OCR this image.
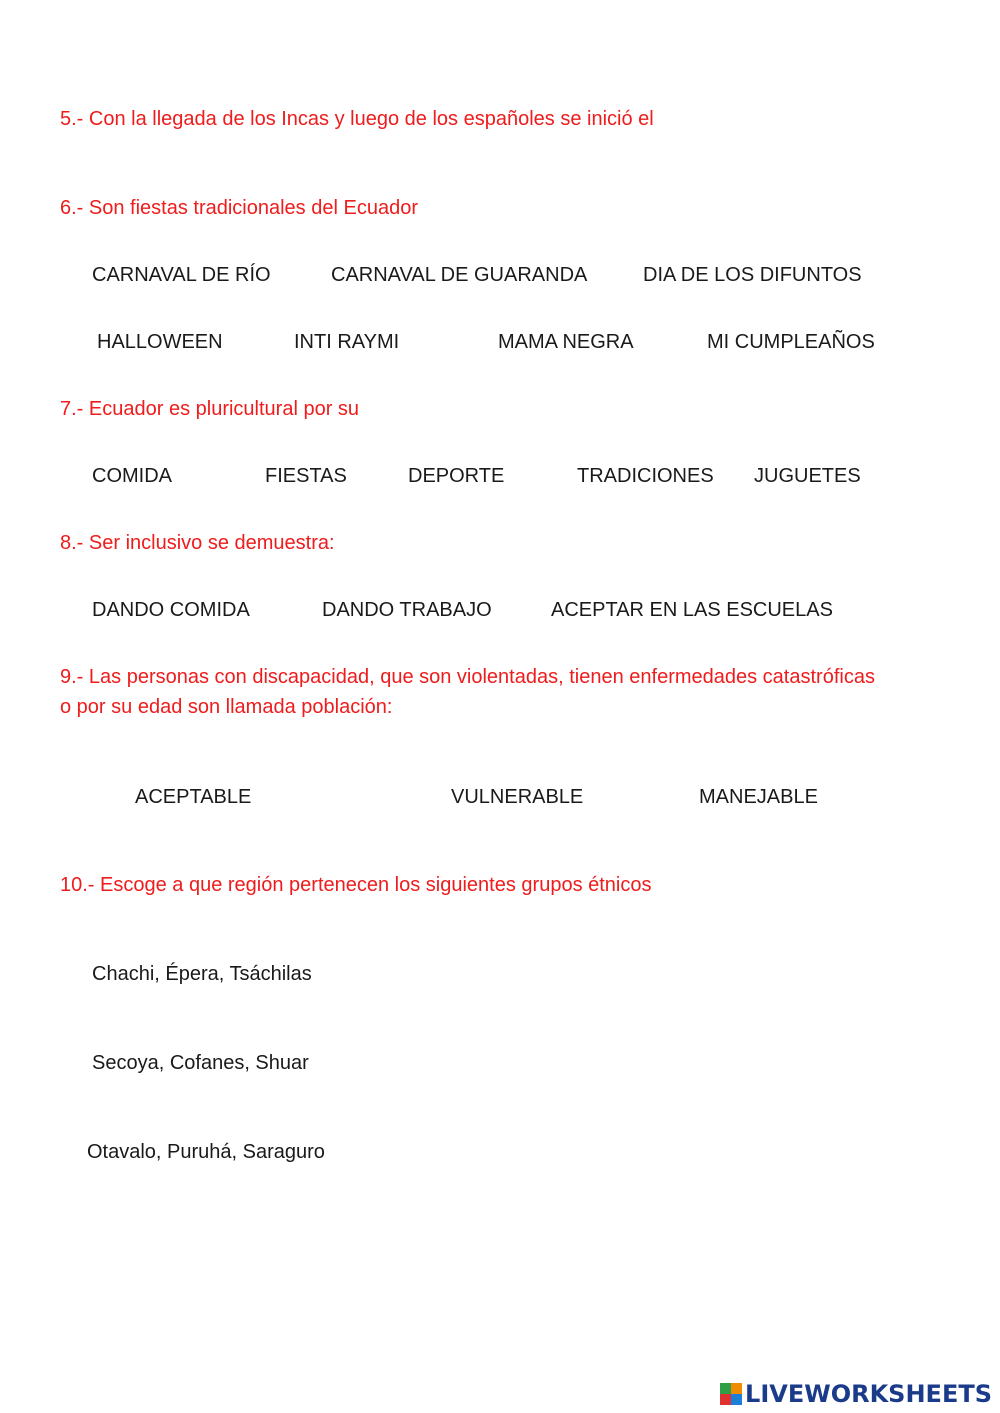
5.- Con la llegada de los Incas y luego de los españoles se inició el

6.- Son fiestas tradicionales del Ecuador

CARNAVAL DE RÍO	CARNAVAL DE GUARANDA	DIA DE LOS DIFUNTOS
HALLOWEEN	INTI RAYMI	MAMA NEGRA	MI CUMPLEAÑOS

7.- Ecuador es pluricultural por su

COMIDA	FIESTAS	DEPORTE	TRADICIONES JUGUETES

8.- Ser inclusivo se demuestra:

DANDO COMIDA	DANDO TRABAJO	ACEPTAR EN LAS ESCUELAS

9.- Las personas con discapacidad, que son violentadas, tienen enfermedades catastróficas

o por su edad son llamada población:

ACEPTABLE	VULNERABLE	MANEJABLE

10.- Escoge a que región pertenecen los siguientes grupos étnicos

Chachi, Épera, Tsáchilas
Secoya, Cofanes, Shuar
Otavalo, Puruhá, Saraguro
LIVEWORKSHEETS
